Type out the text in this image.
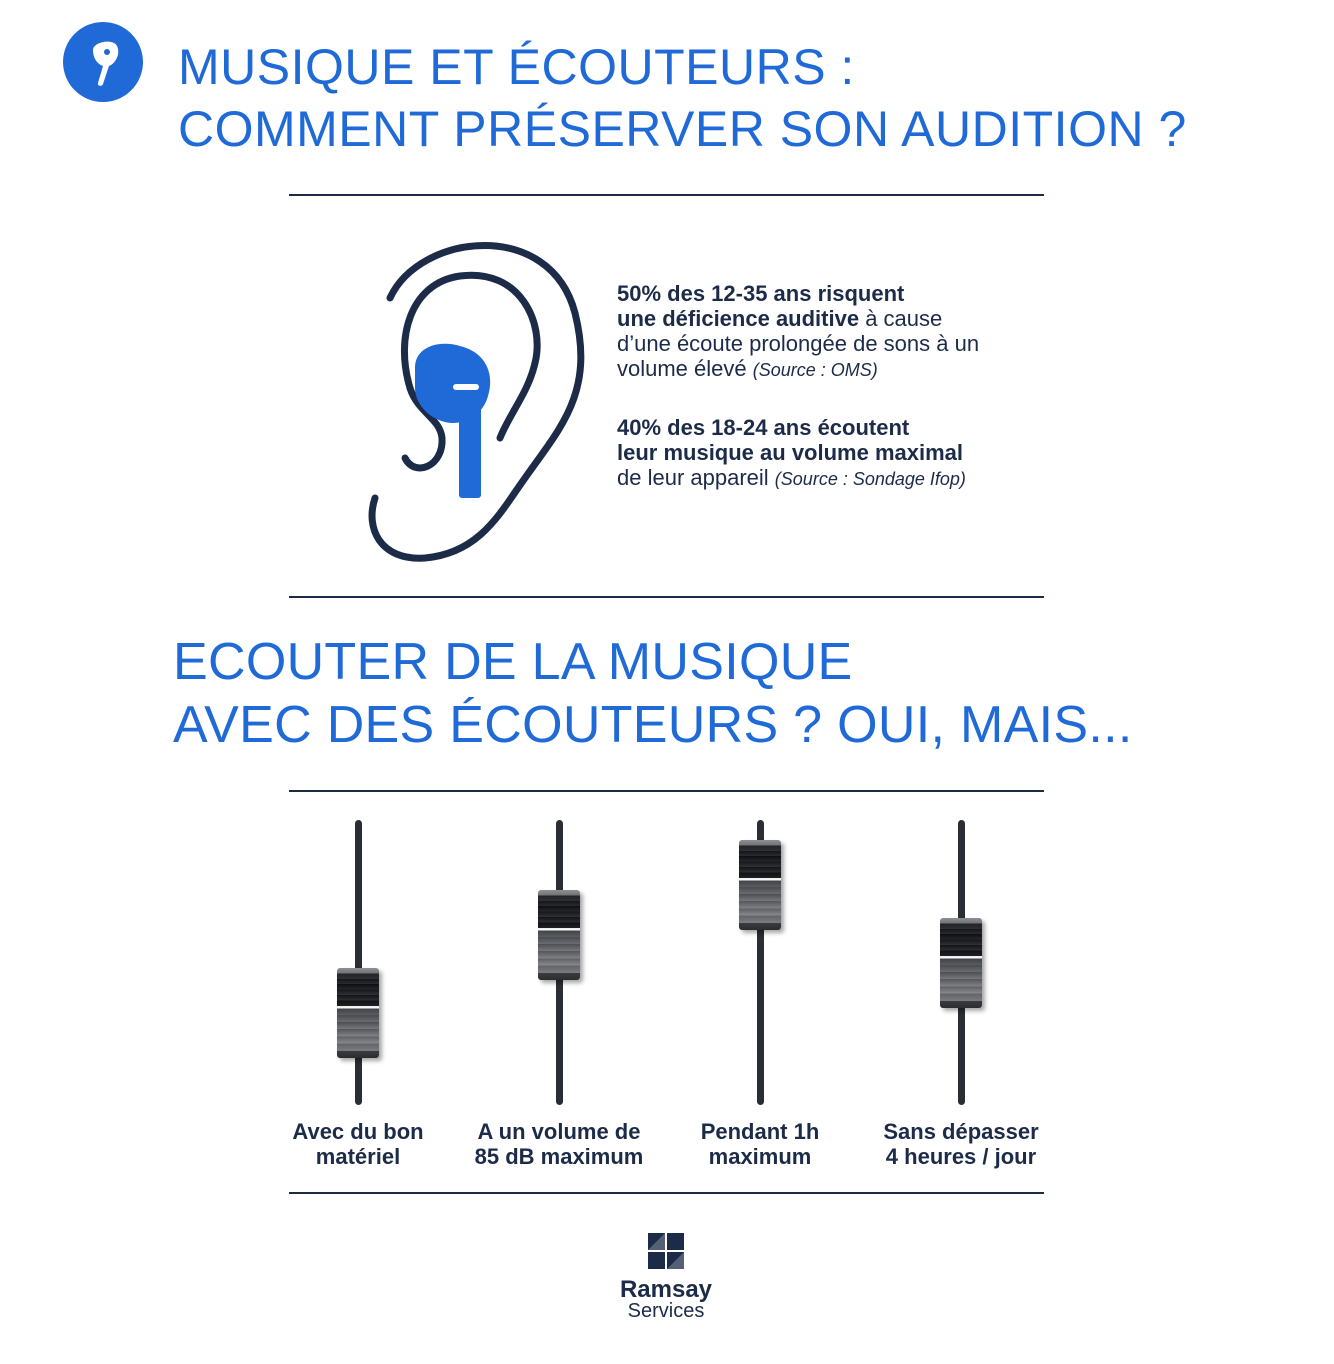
MUSIQUE ET ÉCOUTEURS :
COMMENT PRÉSERVER SON AUDITION ?
50% des 12-35 ans risquent
une déficience auditive à cause
d’une écoute prolongée de sons à un
volume élevé (Source : OMS)
40% des 18-24 ans écoutent
leur musique au volume maximal
de leur appareil (Source : Sondage Ifop)
ECOUTER DE LA MUSIQUE
AVEC DES ÉCOUTEURS ? OUI, MAIS...
Avec du bon
matériel
A un volume de
85 dB maximum
Pendant 1h
maximum
Sans dépasser
4 heures / jour
Ramsay
Services
